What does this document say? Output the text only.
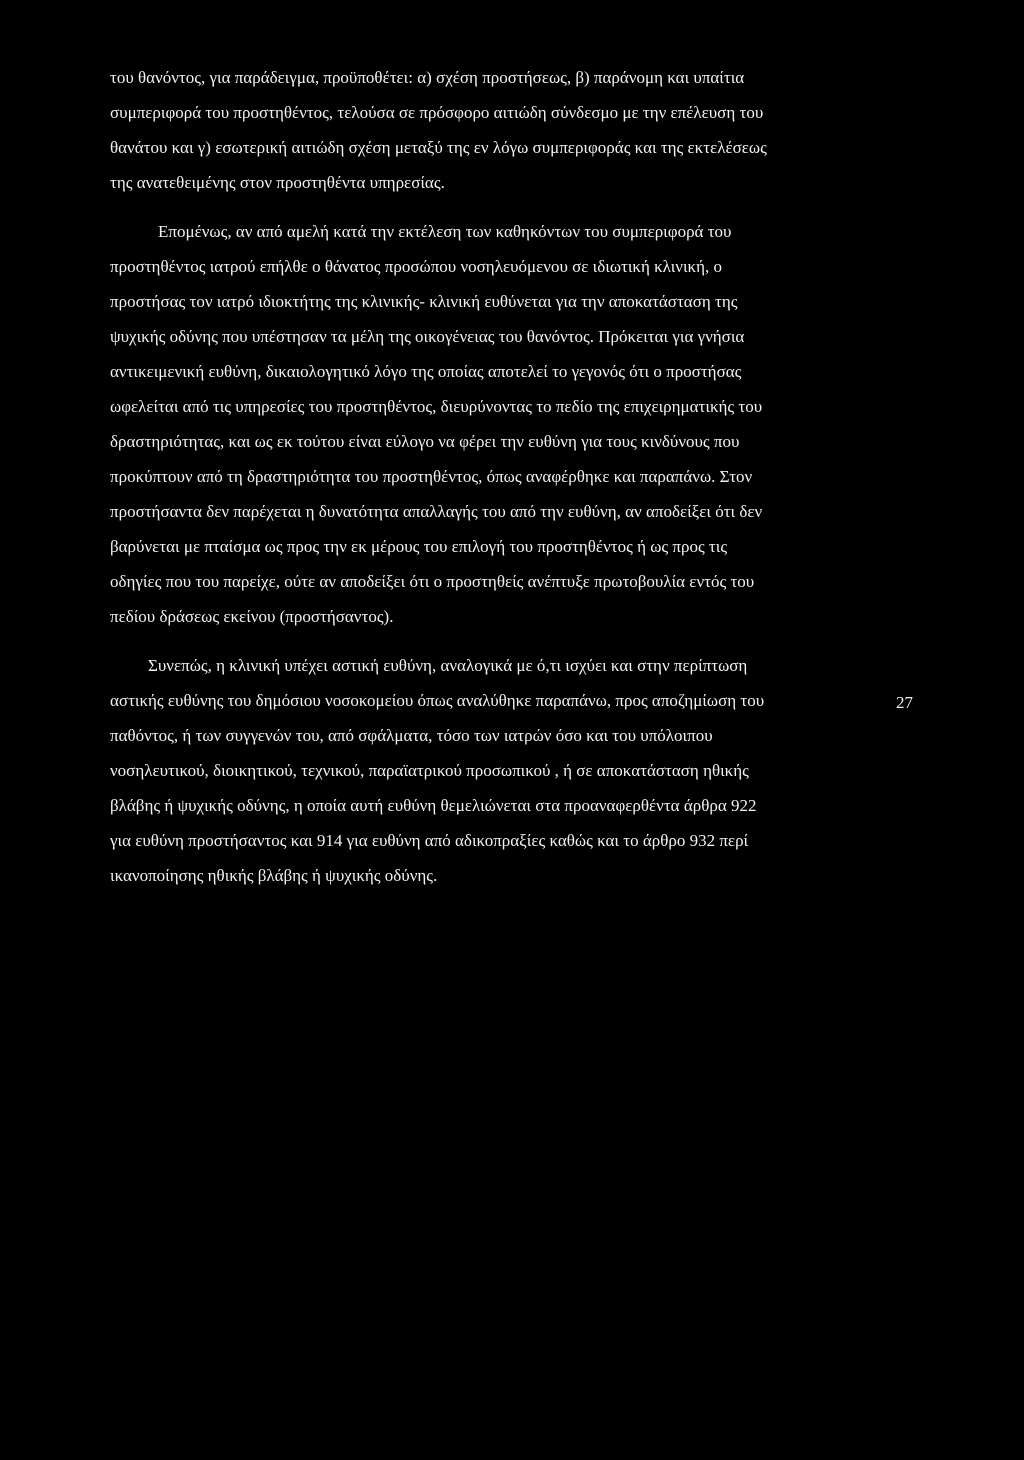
του θανόντος, για παράδειγμα, προϋποθέτει: α) σχέση προστήσεως, β) παράνομη και υπαίτια
συμπεριφορά του προστηθέντος, τελούσα σε πρόσφορο αιτιώδη σύνδεσμο με την επέλευση του
θανάτου και γ) εσωτερική αιτιώδη σχέση μεταξύ της εν λόγω συμπεριφοράς και της εκτελέσεως
της ανατεθειμένης στον προστηθέντα υπηρεσίας.
Επομένως, αν από αμελή κατά την εκτέλεση των καθηκόντων του συμπεριφορά του
προστηθέντος ιατρού επήλθε ο θάνατος προσώπου νοσηλευόμενου σε ιδιωτική κλινική, ο
προστήσας τον ιατρό ιδιοκτήτης της κλινικής- κλινική ευθύνεται για την αποκατάσταση της
ψυχικής οδύνης που υπέστησαν τα μέλη της οικογένειας του θανόντος. Πρόκειται για γνήσια
αντικειμενική ευθύνη, δικαιολογητικό λόγο της οποίας αποτελεί το γεγονός ότι ο προστήσας
ωφελείται από τις υπηρεσίες του προστηθέντος, διευρύνοντας το πεδίο της επιχειρηματικής του
δραστηριότητας, και ως εκ τούτου είναι εύλογο να φέρει την ευθύνη για τους κινδύνους που
προκύπτουν από τη δραστηριότητα του προστηθέντος, όπως αναφέρθηκε και παραπάνω. Στον
προστήσαντα δεν παρέχεται η δυνατότητα απαλλαγής του από την ευθύνη, αν αποδείξει ότι δεν
βαρύνεται με πταίσμα ως προς την εκ μέρους του επιλογή του προστηθέντος ή ως προς τις
οδηγίες που του παρείχε, ούτε αν αποδείξει ότι ο προστηθείς ανέπτυξε πρωτοβουλία εντός του
πεδίου δράσεως εκείνου (προστήσαντος).
Συνεπώς, η κλινική υπέχει αστική ευθύνη, αναλογικά με ό,τι ισχύει και στην περίπτωση
αστικής ευθύνης του δημόσιου νοσοκομείου όπως αναλύθηκε παραπάνω, προς αποζημίωση του
παθόντος, ή των συγγενών του, από σφάλματα, τόσο των ιατρών όσο και του υπόλοιπου
νοσηλευτικού, διοικητικού, τεχνικού, παραϊατρικού προσωπικού , ή σε αποκατάσταση ηθικής
βλάβης ή ψυχικής οδύνης, η οποία αυτή ευθύνη θεμελιώνεται στα προαναφερθέντα άρθρα 922
για ευθύνη προστήσαντος και 914 για ευθύνη από αδικοπραξίες καθώς και το άρθρο 932 περί
ικανοποίησης ηθικής βλάβης ή ψυχικής οδύνης.
27
